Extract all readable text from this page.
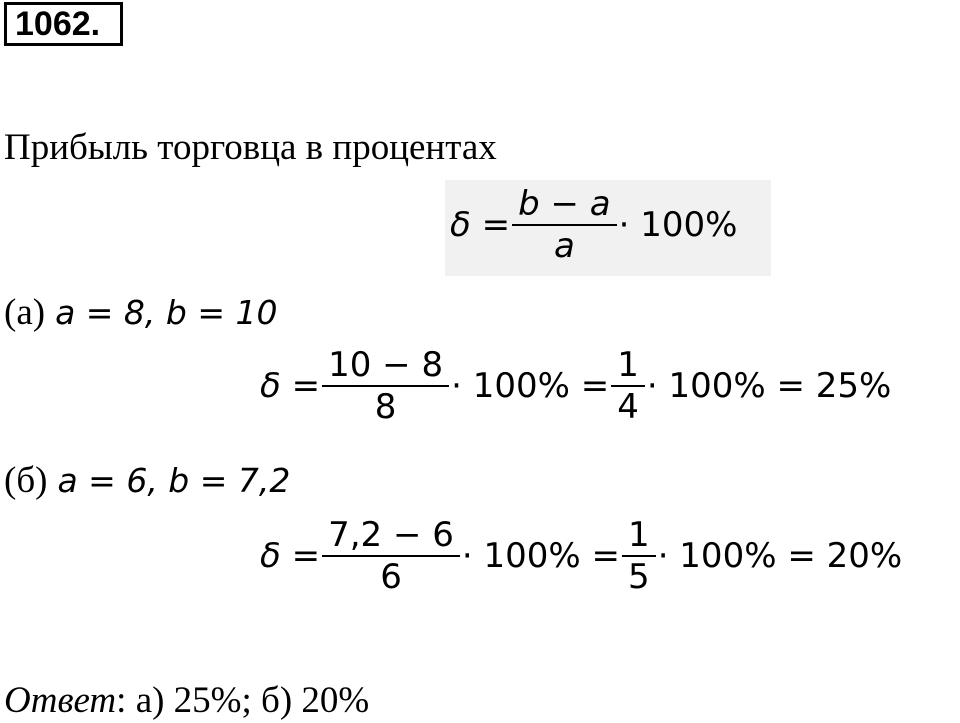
1062.
Прибыль торговца в процентах
$\delta = \frac{b - a}{a} \cdot 100\%$
(а) a = 8, b = 10
$\delta = \frac{10 - 8}{8} \cdot 100\% = \frac{1}{4} \cdot 100\% = 25\%$
(б) a = 6, b = 7,2
$\delta = \frac{7,2 - 6}{6} \cdot 100\% = \frac{1}{5} \cdot 100\% = 20\%$
Ответ: а) 25%; б) 20%
